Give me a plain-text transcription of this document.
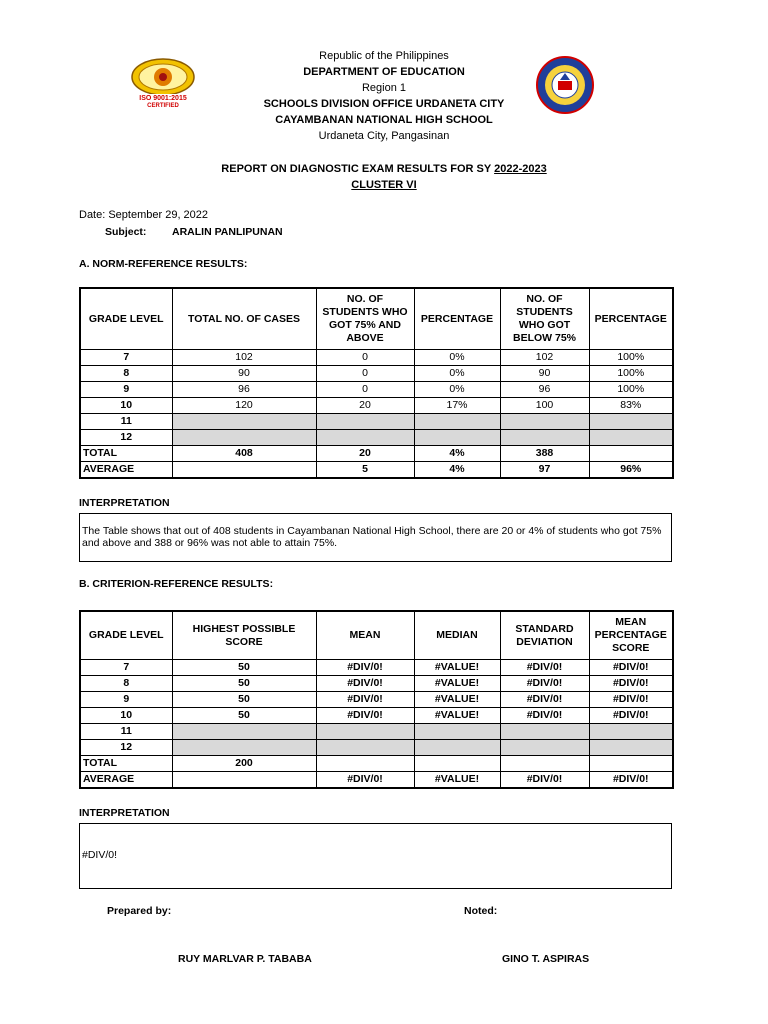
ISO 9001:2015
CERTIFIED
Republic of the Philippines
DEPARTMENT OF EDUCATION
Region 1
SCHOOLS DIVISION OFFICE URDANETA CITY
CAYAMBANAN NATIONAL HIGH SCHOOL
Urdaneta City, Pangasinan
REPORT ON DIAGNOSTIC EXAM RESULTS FOR SY 2022-2023
CLUSTER VI
Date: September 29, 2022
Subject: ARALIN PANLIPUNAN
A. NORM-REFERENCE RESULTS:
GRADE LEVEL	TOTAL NO. OF CASES	NO. OF STUDENTS WHO GOT 75% AND ABOVE	PERCENTAGE	NO. OF STUDENTS WHO GOT BELOW 75%	PERCENTAGE
7	102	0	0%	102	100%
8	90	0	0%	90	100%
9	96	0	0%	96	100%
10	120	20	17%	100	83%
11					
12					
TOTAL	408	20	4%	388	
AVERAGE		5	4%	97	96%
INTERPRETATION
The Table shows that out of 408 students in Cayambanan National High School, there are 20 or 4% of students who got 75% and above and 388 or 96% was not able to attain 75%.
B. CRITERION-REFERENCE RESULTS:
GRADE LEVEL	HIGHEST POSSIBLE SCORE	MEAN	MEDIAN	STANDARD DEVIATION	MEAN PERCENTAGE SCORE
7	50	#DIV/0!	#VALUE!	#DIV/0!	#DIV/0!
8	50	#DIV/0!	#VALUE!	#DIV/0!	#DIV/0!
9	50	#DIV/0!	#VALUE!	#DIV/0!	#DIV/0!
10	50	#DIV/0!	#VALUE!	#DIV/0!	#DIV/0!
11					
12					
TOTAL	200				
AVERAGE		#DIV/0!	#VALUE!	#DIV/0!	#DIV/0!
INTERPRETATION
#DIV/0!
Prepared by:	Noted:
RUY MARLVAR P. TABABA	GINO T. ASPIRAS
